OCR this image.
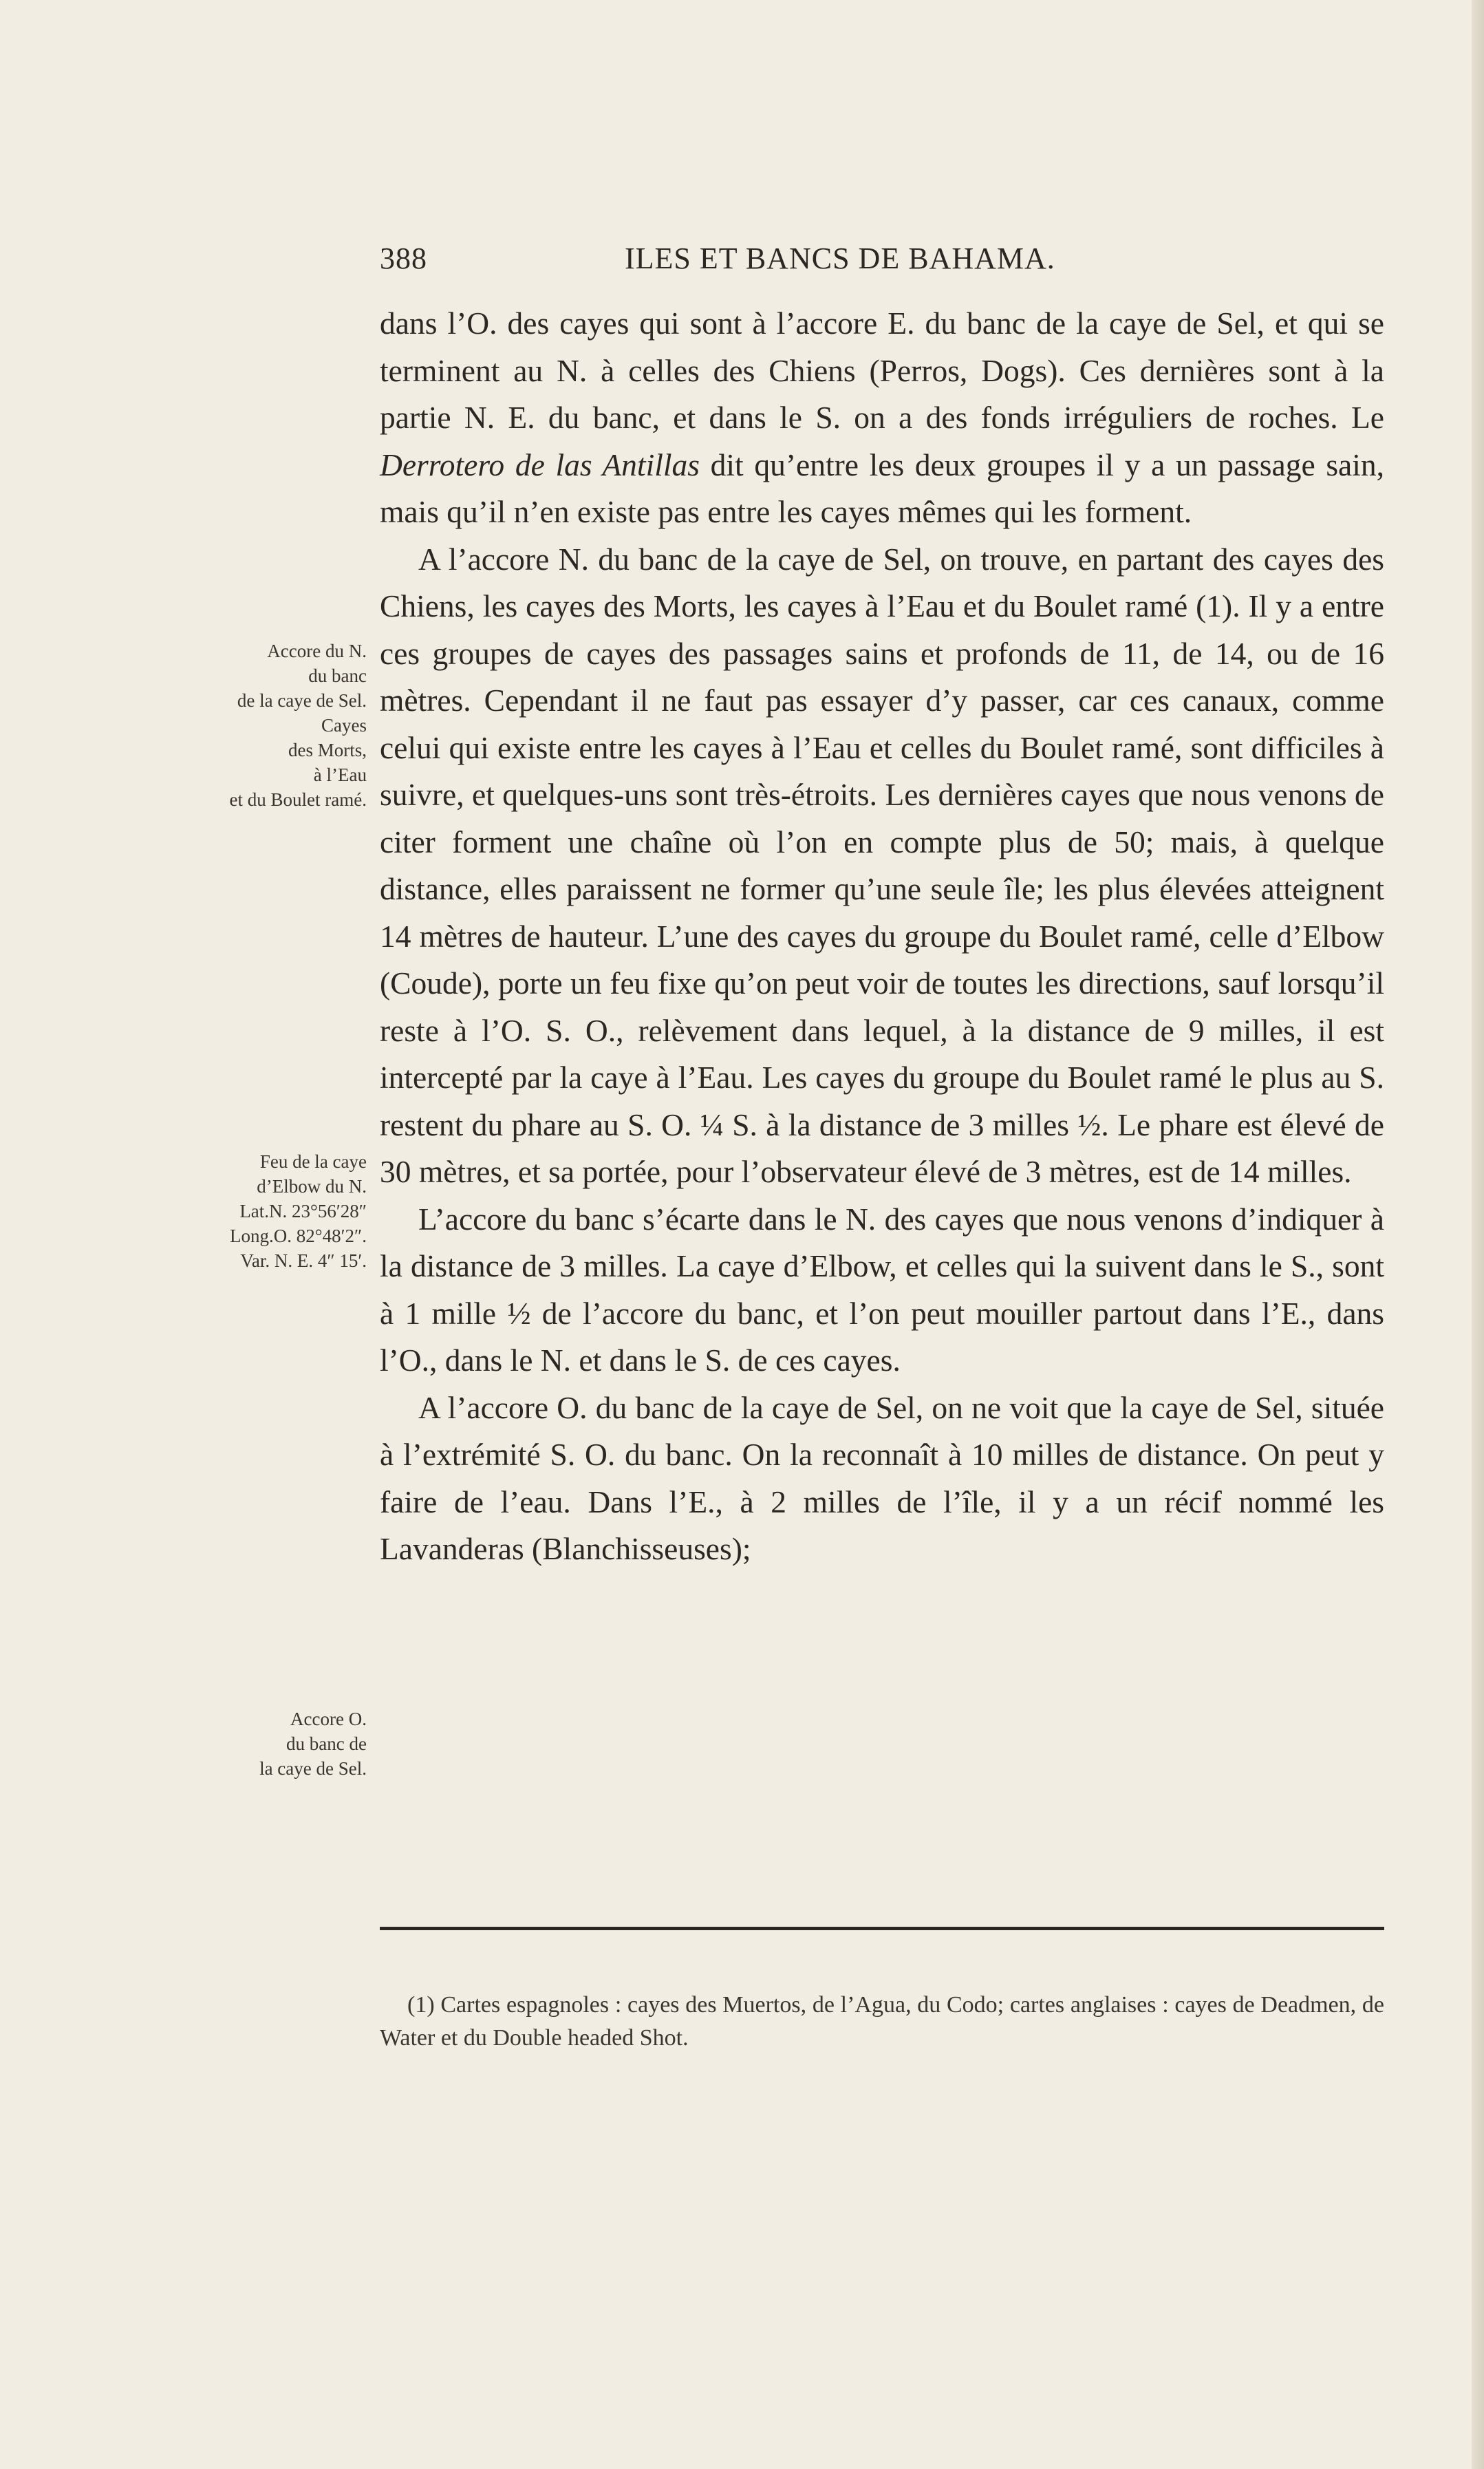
388	ILES ET BANCS DE BAHAMA.

dans l’O. des cayes qui sont à l’accore E. du banc de la caye de Sel, et qui se terminent au N. à celles des Chiens (Perros, Dogs). Ces dernières sont à la partie N. E. du banc, et dans le S. on a des fonds irréguliers de roches. Le Derrotero de las Antillas dit qu’entre les deux groupes il y a un passage sain, mais qu’il n’en existe pas entre les cayes mêmes qui les forment.

A l’accore N. du banc de la caye de Sel, on trouve, en partant des cayes des Chiens, les cayes des Morts, les cayes à l’Eau et du Boulet ramé (1). Il y a entre ces groupes de cayes des passages sains et profonds de 11, de 14, ou de 16 mètres. Cependant il ne faut pas essayer d’y passer, car ces canaux, comme celui qui existe entre les cayes à l’Eau et celles du Boulet ramé, sont difficiles à suivre, et quelques-uns sont très-étroits. Les dernières cayes que nous venons de citer forment une chaîne où l’on en compte plus de 50; mais, à quelque distance, elles paraissent ne former qu’une seule île; les plus élevées atteignent 14 mètres de hauteur. L’une des cayes du groupe du Boulet ramé, celle d’Elbow (Coude), porte un feu fixe qu’on peut voir de toutes les directions, sauf lorsqu’il reste à l’O. S. O., relèvement dans lequel, à la distance de 9 milles, il est intercepté par la caye à l’Eau. Les cayes du groupe du Boulet ramé le plus au S. restent du phare au S. O. ¼ S. à la distance de 3 milles ½. Le phare est élevé de 30 mètres, et sa portée, pour l’observateur élevé de 3 mètres, est de 14 milles.

L’accore du banc s’écarte dans le N. des cayes que nous venons d’indiquer à la distance de 3 milles. La caye d’Elbow, et celles qui la suivent dans le S., sont à 1 mille ½ de l’accore du banc, et l’on peut mouiller partout dans l’E., dans l’O., dans le N. et dans le S. de ces cayes.

A l’accore O. du banc de la caye de Sel, on ne voit que la caye de Sel, située à l’extrémité S. O. du banc. On la reconnaît à 10 milles de distance. On peut y faire de l’eau. Dans l’E., à 2 milles de l’île, il y a un récif nommé les Lavanderas (Blanchisseuses);

Accore du N.
du banc
de la caye de Sel.
Cayes
des Morts,
à l’Eau
et du Boulet ramé.
Feu de la caye
d’Elbow du N.
Lat.N. 23°56′28″
Long.O. 82°48′2″.
Var. N. E. 4″ 15′.
Accore O.
du banc de
la caye de Sel.
(1) Cartes espagnoles : cayes des Muertos, de l’Agua, du Codo; cartes anglaises : cayes de Deadmen, de Water et du Double headed Shot.
